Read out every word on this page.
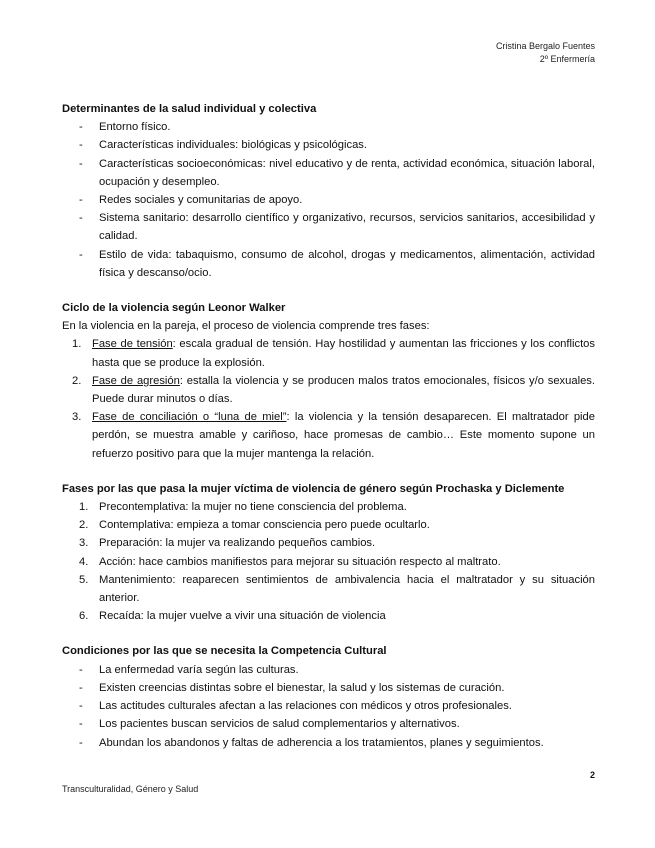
Cristina Bergalo Fuentes
2º Enfermería
Determinantes de la salud individual y colectiva
- Entorno físico.
- Características individuales: biológicas y psicológicas.
- Características socioeconómicas: nivel educativo y de renta, actividad económica, situación laboral, ocupación y desempleo.
- Redes sociales y comunitarias de apoyo.
- Sistema sanitario: desarrollo científico y organizativo, recursos, servicios sanitarios, accesibilidad y calidad.
- Estilo de vida: tabaquismo, consumo de alcohol, drogas y medicamentos, alimentación, actividad física y descanso/ocio.
Ciclo de la violencia según Leonor Walker

En la violencia en la pareja, el proceso de violencia comprende tres fases:

1. Fase de tensión: escala gradual de tensión. Hay hostilidad y aumentan las fricciones y los conflictos hasta que se produce la explosión.
2. Fase de agresión: estalla la violencia y se producen malos tratos emocionales, físicos y/o sexuales. Puede durar minutos o días.
3. Fase de conciliación o “luna de miel”: la violencia y la tensión desaparecen. El maltratador pide perdón, se muestra amable y cariñoso, hace promesas de cambio… Este momento supone un refuerzo positivo para que la mujer mantenga la relación.
Fases por las que pasa la mujer víctima de violencia de género según Prochaska y Diclemente
1. Precontemplativa: la mujer no tiene consciencia del problema.
2. Contemplativa: empieza a tomar consciencia pero puede ocultarlo.
3. Preparación: la mujer va realizando pequeños cambios.
4. Acción: hace cambios manifiestos para mejorar su situación respecto al maltrato.
5. Mantenimiento: reaparecen sentimientos de ambivalencia hacia el maltratador y su situación anterior.
6. Recaída: la mujer vuelve a vivir una situación de violencia
Condiciones por las que se necesita la Competencia Cultural
- La enfermedad varía según las culturas.
- Existen creencias distintas sobre el bienestar, la salud y los sistemas de curación.
- Las actitudes culturales afectan a las relaciones con médicos y otros profesionales.
- Los pacientes buscan servicios de salud complementarios y alternativos.
- Abundan los abandonos y faltas de adherencia a los tratamientos, planes y seguimientos.
2
Transculturalidad, Género y Salud
